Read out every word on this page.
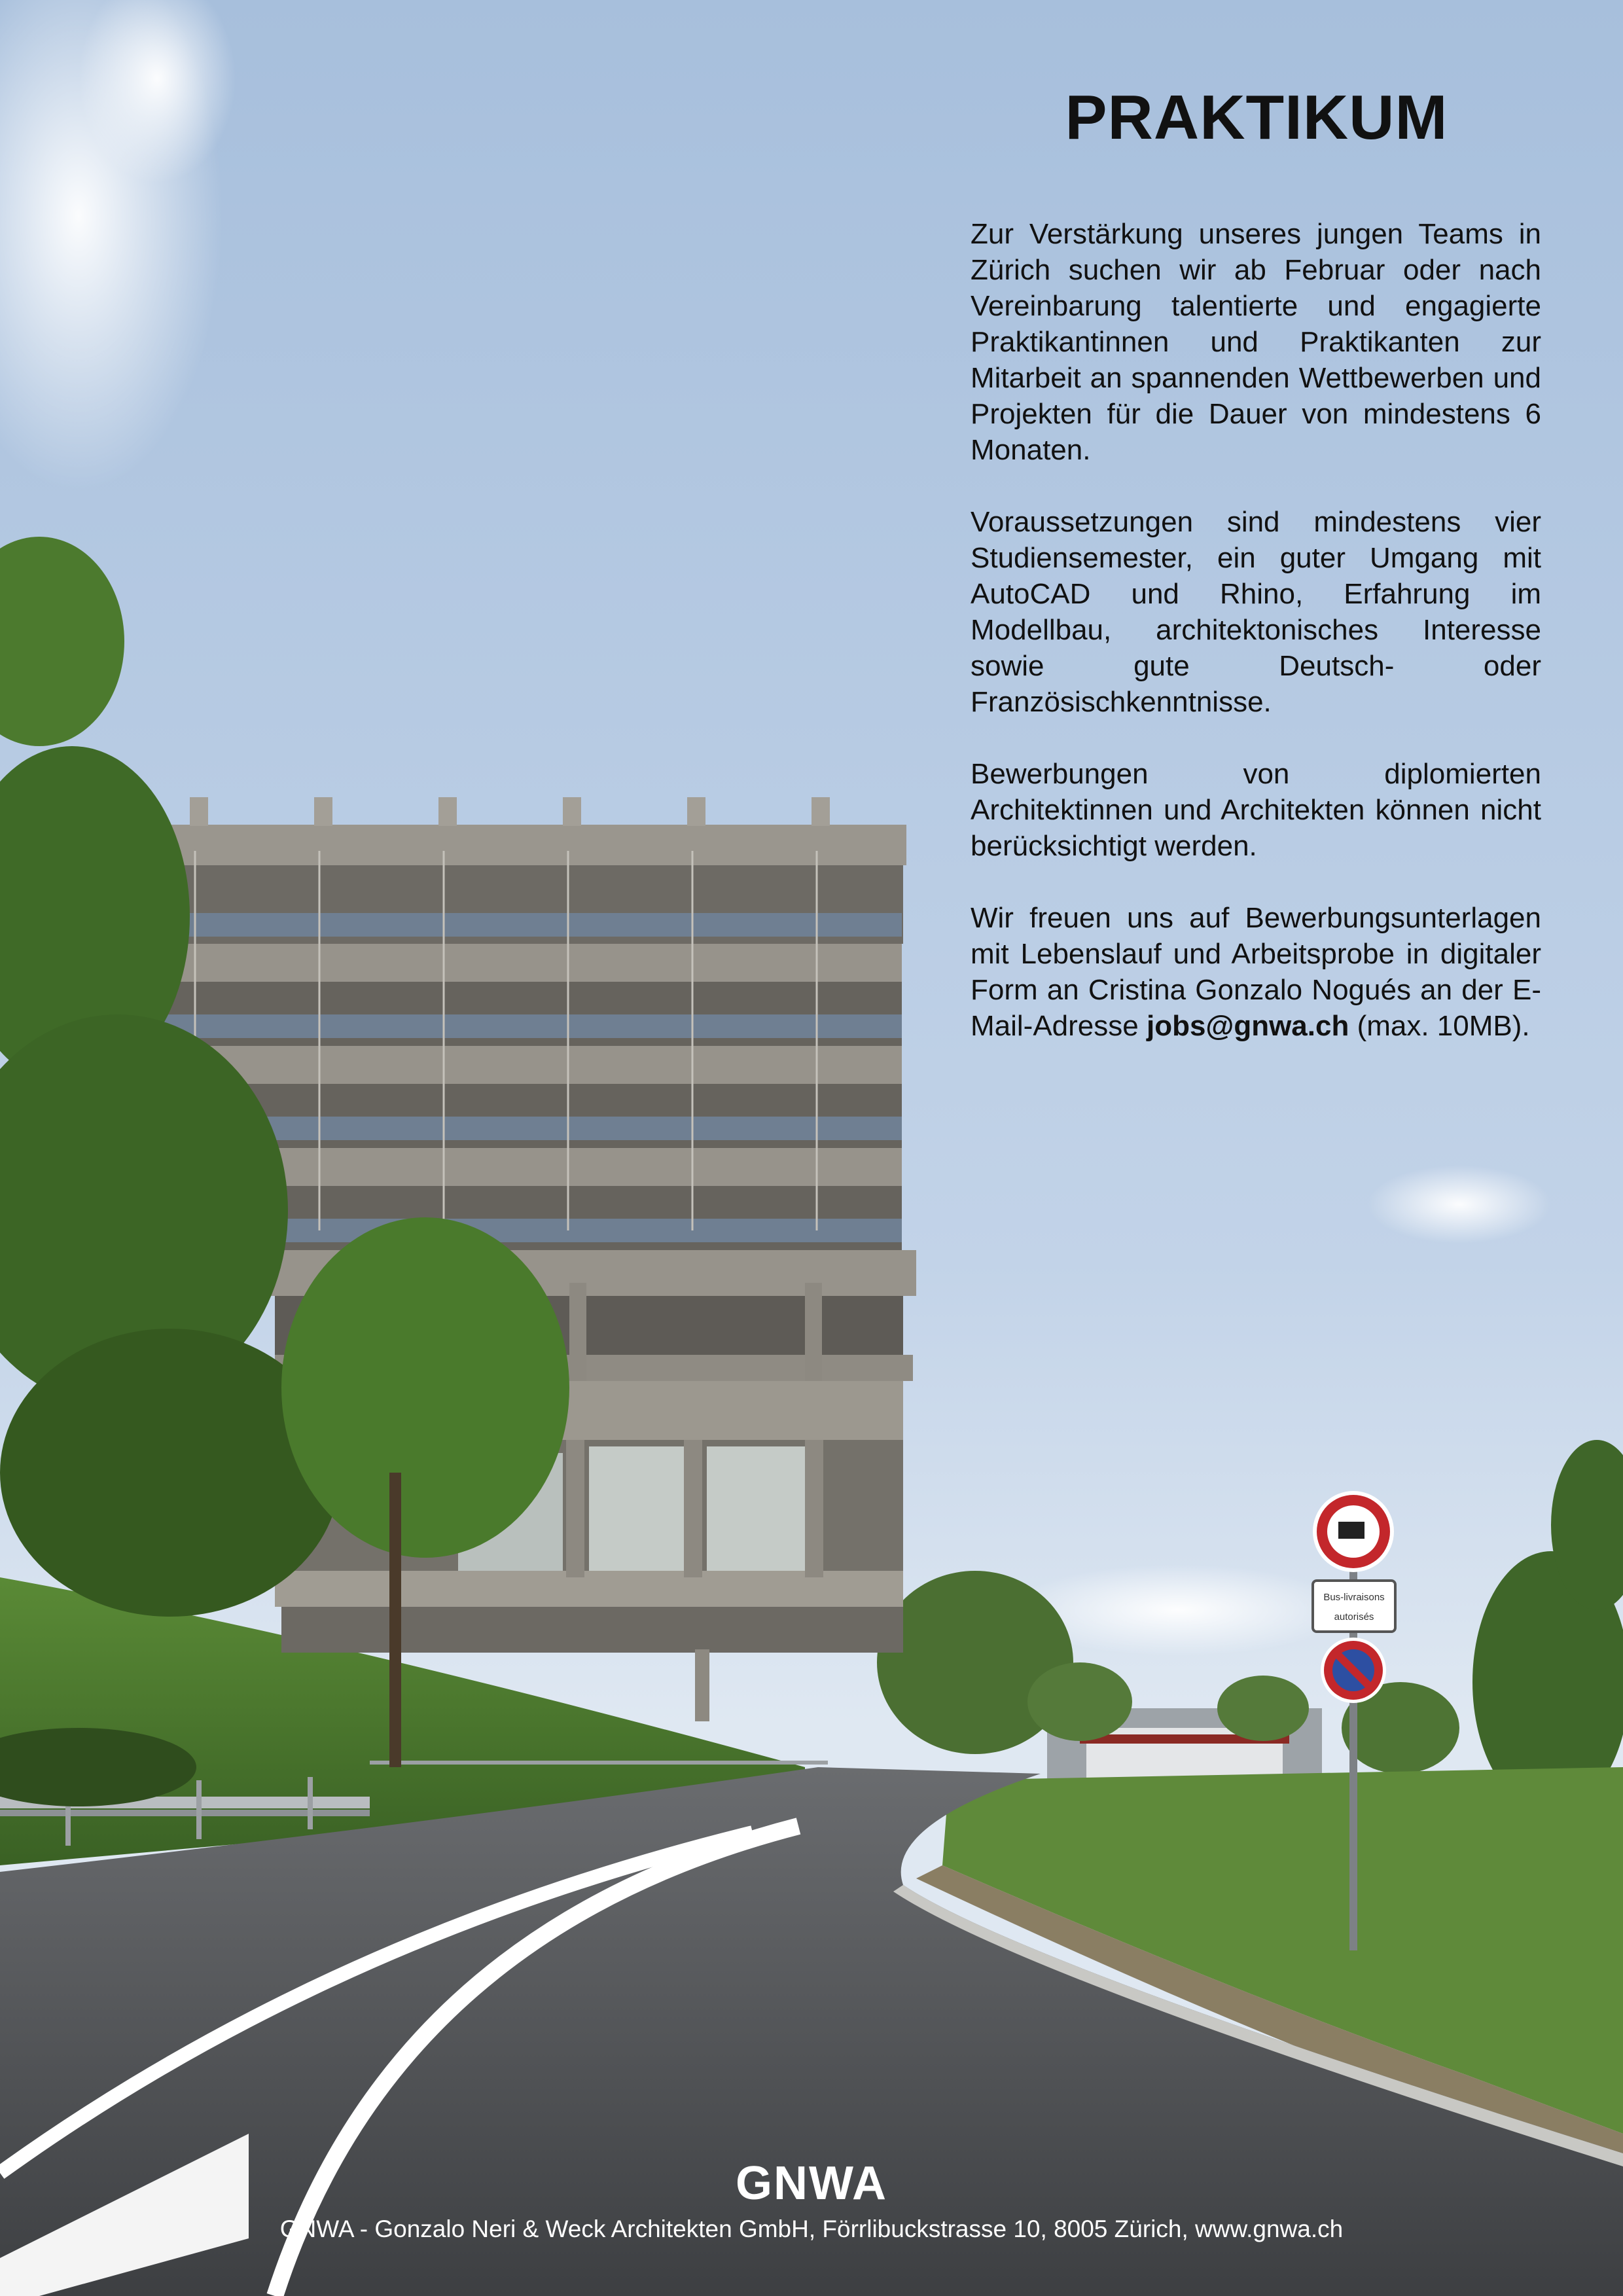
Bus-livraisons
autorisés
PRAKTIKUM

Zur Verstärkung unseres jungen Teams in Zürich suchen wir ab Februar oder nach Vereinbarung talentierte und engagierte Praktikantinnen und Praktikanten zur Mitarbeit an spannenden Wettbewerben und Projekten für die Dauer von mindestens 6 Monaten.

Voraussetzungen sind mindestens vier Studiensemester, ein guter Umgang mit AutoCAD und Rhino, Erfahrung im Modellbau, architektonisches Interesse sowie gute Deutsch- oder Französischkenntnisse.

Bewerbungen von diplomierten Architektinnen und Architekten können nicht berücksichtigt werden.

Wir freuen uns auf Bewerbungsunterlagen mit Lebenslauf und Arbeitsprobe in digitaler Form an Cristina Gonzalo Nogués an der E-Mail-Adresse jobs@gnwa.ch (max. 10MB).

GNWA
GNWA - Gonzalo Neri & Weck Architekten GmbH, Förrlibuckstrasse 10, 8005 Zürich, www.gnwa.ch
